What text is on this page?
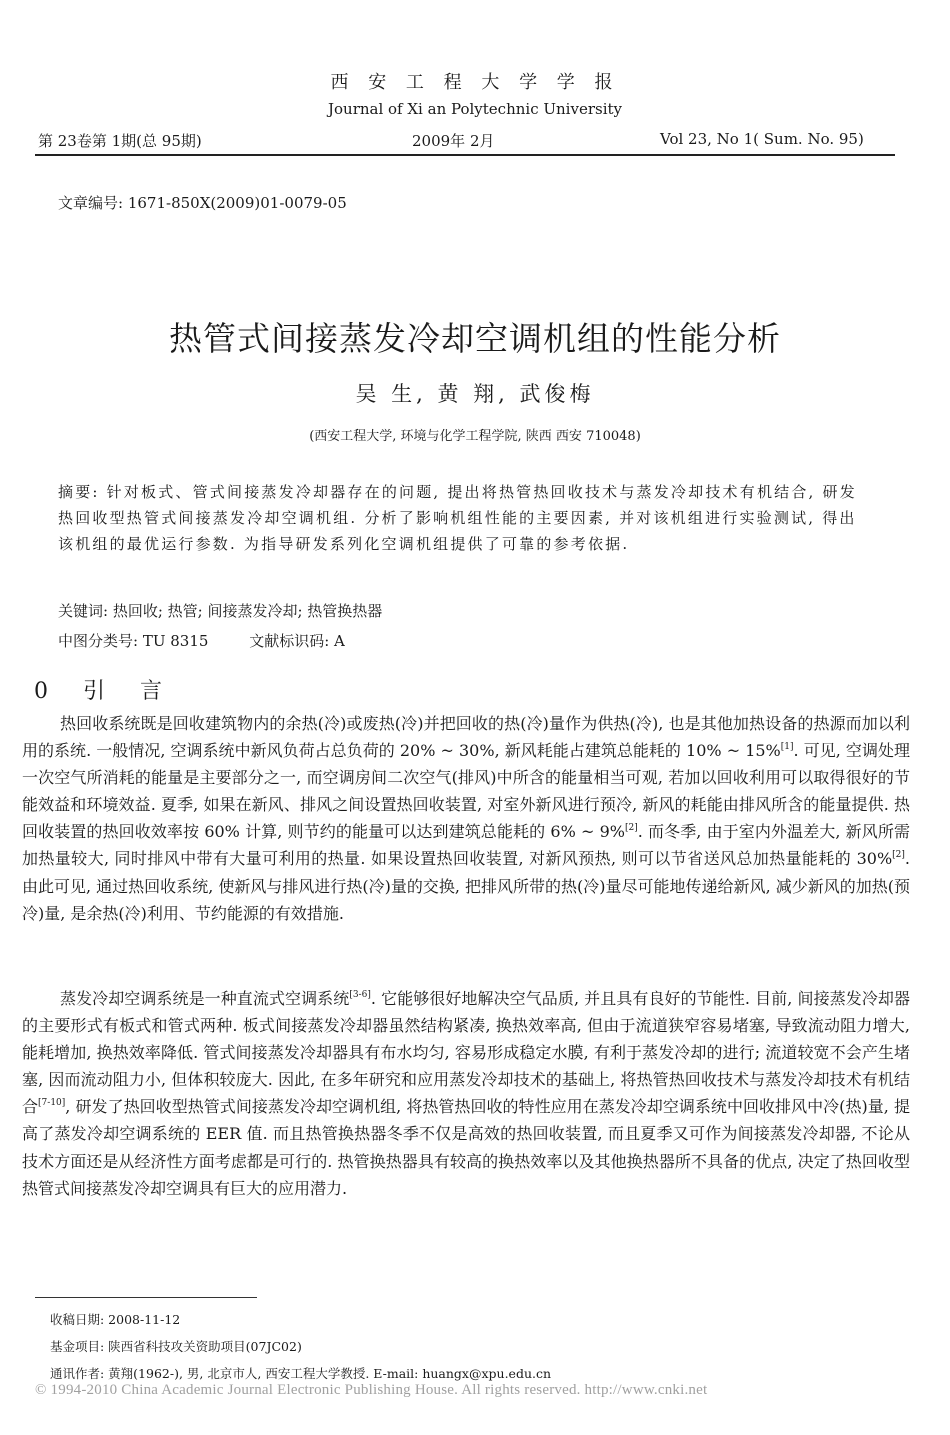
西 安 工 程 大 学 学 报
Journal of Xi an Polytechnic University
第 23卷第 1期(总 95期)	2009年 2月	Vol 23, No 1( Sum. No. 95)
文章编号: 1671-850X(2009)01-0079-05
热管式间接蒸发冷却空调机组的性能分析
吴 生, 黄 翔, 武俊梅
(西安工程大学, 环境与化学工程学院, 陕西 西安 710048)
摘要: 针对板式、管式间接蒸发冷却器存在的问题, 提出将热管热回收技术与蒸发冷却技术有机结合, 研发热回收型热管式间接蒸发冷却空调机组. 分析了影响机组性能的主要因素, 并对该机组进行实验测试, 得出该机组的最优运行参数. 为指导研发系列化空调机组提供了可靠的参考依据.
关键词: 热回收; 热管; 间接蒸发冷却; 热管换热器
中图分类号: TU 8315	文献标识码: A
0 引 言

热回收系统既是回收建筑物内的余热(冷)或废热(冷)并把回收的热(冷)量作为供热(冷), 也是其他加热设备的热源而加以利用的系统. 一般情况, 空调系统中新风负荷占总负荷的 20% ~ 30%, 新风耗能占建筑总能耗的 10% ~ 15%[1]. 可见, 空调处理一次空气所消耗的能量是主要部分之一, 而空调房间二次空气(排风)中所含的能量相当可观, 若加以回收利用可以取得很好的节能效益和环境效益. 夏季, 如果在新风、排风之间设置热回收装置, 对室外新风进行预冷, 新风的耗能由排风所含的能量提供. 热回收装置的热回收效率按 60% 计算, 则节约的能量可以达到建筑总能耗的 6% ~ 9%[2]. 而冬季, 由于室内外温差大, 新风所需加热量较大, 同时排风中带有大量可利用的热量. 如果设置热回收装置, 对新风预热, 则可以节省送风总加热量能耗的 30%[2]. 由此可见, 通过热回收系统, 使新风与排风进行热(冷)量的交换, 把排风所带的热(冷)量尽可能地传递给新风, 减少新风的加热(预冷)量, 是余热(冷)利用、节约能源的有效措施.

蒸发冷却空调系统是一种直流式空调系统[3-6]. 它能够很好地解决空气品质, 并且具有良好的节能性. 目前, 间接蒸发冷却器的主要形式有板式和管式两种. 板式间接蒸发冷却器虽然结构紧凑, 换热效率高, 但由于流道狭窄容易堵塞, 导致流动阻力增大, 能耗增加, 换热效率降低. 管式间接蒸发冷却器具有布水均匀, 容易形成稳定水膜, 有利于蒸发冷却的进行; 流道较宽不会产生堵塞, 因而流动阻力小, 但体积较庞大. 因此, 在多年研究和应用蒸发冷却技术的基础上, 将热管热回收技术与蒸发冷却技术有机结合[7-10], 研发了热回收型热管式间接蒸发冷却空调机组, 将热管热回收的特性应用在蒸发冷却空调系统中回收排风中冷(热)量, 提高了蒸发冷却空调系统的 EER 值. 而且热管换热器冬季不仅是高效的热回收装置, 而且夏季又可作为间接蒸发冷却器, 不论从技术方面还是从经济性方面考虑都是可行的. 热管换热器具有较高的换热效率以及其他换热器所不具备的优点, 决定了热回收型热管式间接蒸发冷却空调具有巨大的应用潜力.

收稿日期: 2008-11-12
基金项目: 陕西省科技攻关资助项目(07JC02)
通讯作者: 黄翔(1962-), 男, 北京市人, 西安工程大学教授. E-mail: huangx@xpu.edu.cn
© 1994-2010 China Academic Journal Electronic Publishing House. All rights reserved. http://www.cnki.net
